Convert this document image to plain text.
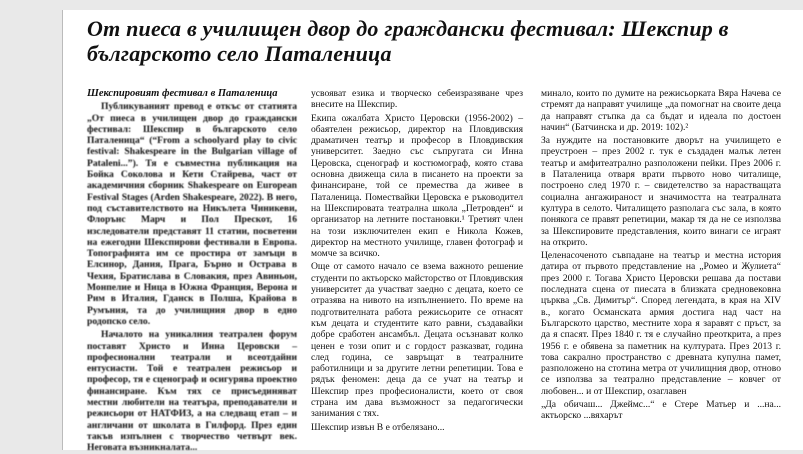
От пиеса в училищен двор до граждански фестивал: Шекспир в българското село Паталеница

Шекспировият фестивал в Паталеница

Публикуваният превод е откъс от статията „От пиеса в училищен двор до граждански фестивал: Шекспир в българското село Паталеница“ (“From a schoolyard play to civic festival: Shakespeare in the Bulgarian village of Pataleni...”). Тя е съвместна публикация на Бойка Соколова и Кети Стайрева, част от академичния сборник Shakespeare on European Festival Stages (Arden Shakespeare, 2022). В него, под съставителството на Никълета Чиникеви, Флорънс Марч и Пол Прескот, 16 изследователи представят 11 статии, посветени на ежегодни Шекспирови фестивали в Европа. Топографията им се простира от замъци в Елсинор, Дания, Прага, Бърно и Острава в Чехия, Братислава в Словакия, през Авиньон, Монпелие и Ница в Южна Франция, Верона и Рим в Италия, Гданск в Полша, Крайова в Румъния, та до училищния двор в едно родопско село.

Началото на уникалния театрален форум поставят Христо и Инна Церовски – професионални театрали и всеотдайни ентусиасти. Той е театрален режисьор и професор, тя е сценограф и осигурява проектно финансиране. Към тях се присъединяват местни любители на театъра, преподаватели и режисьори от НАТФИЗ, а на следващ етап – и англичани от школата в Гилфорд. През един такъв изпълнен с творчество четвърт век. Неговата възникналата...

усвояват езика и творческо себеизразяване чрез внесите на Шекспир.

Екипа ожалбата Христо Церовски (1956-2002) – обаятелен режисьор, директор на Пловдивския драматичен театър и професор в Пловдивския университет. Заедно със съпругата си Инна Церовска, сценограф и костюмограф, която става основна движеща сила в писането на проекти за финансиране, той се премества да живее в Паталеница. Помествайки Церовска е ръководител на Шекспировата театрална школа „Петровден“ и организатор на летните постановки.¹ Третият член на този изключителен екип е Никола Кожев, директор на местното училище, главен фотограф и момче за всичко.

Още от самото начало се взема важното решение студенти по актьорско майсторство от Пловдивския университет да участват заедно с децата, което се отразява на нивото на изпълнението. По време на подготвителната работа режисьорите се отнасят към децата и студентите като равни, създавайки добре сработен ансамбъл. Децата осъзнават колко ценен е този опит и с гордост разказват, година след година, се завръщат в театралните работилници и за другите летни репетиции. Това е рядък феномен: деца да се учат на театър и Шекспир през професионалисти, което от своя страна им дава възможност за педагогически занимания с тях.

Шекспир извън В е отбелязано...

минало, които по думите на режисьорката Вяра Начева се стремят да направят училище „да помогнат на своите деца да направят стъпка да са бъдат и идеала по достоен начин“ (Батчинска и др. 2019: 102).²

За нуждите на постановките дворът на училището е преустроен – през 2002 г. тук е създаден малък летен театър и амфитеатрално разположени пейки. През 2006 г. в Паталеница отваря врати първото ново читалище, построено след 1970 г. – свидетелство за нарастващата социална ангажираност и значимостта на театралната култура в селото. Читалището разполага със зала, в която понякога се правят репетиции, макар тя да не се използва за Шекспировите представления, които винаги се играят на открито.

Целенасоченото съвпадане на театър и местна история датира от първото представление на „Ромео и Жулиета“ през 2000 г. Тогава Христо Церовски решава да постави последната сцена от пиесата в близката средновековна църква „Св. Димитър“. Според легендата, в края на XIV в., когато Османската армия достига над част на Българското царство, местните хора я заравят с пръст, за да я спасят. През 1840 г. тя е случайно преоткрита, а през 1956 г. е обявена за паметник на културата. През 2013 г. това сакрално пространство с древната купулна памет, разположено на стотина метра от училищния двор, отново се използва за театрално представление – ковчег от любовен... и от Шекспир, озаглавен

„Да обичаш... Джеймс...“ е Стере Матьер и ...на... актьорско ...вяхарът
